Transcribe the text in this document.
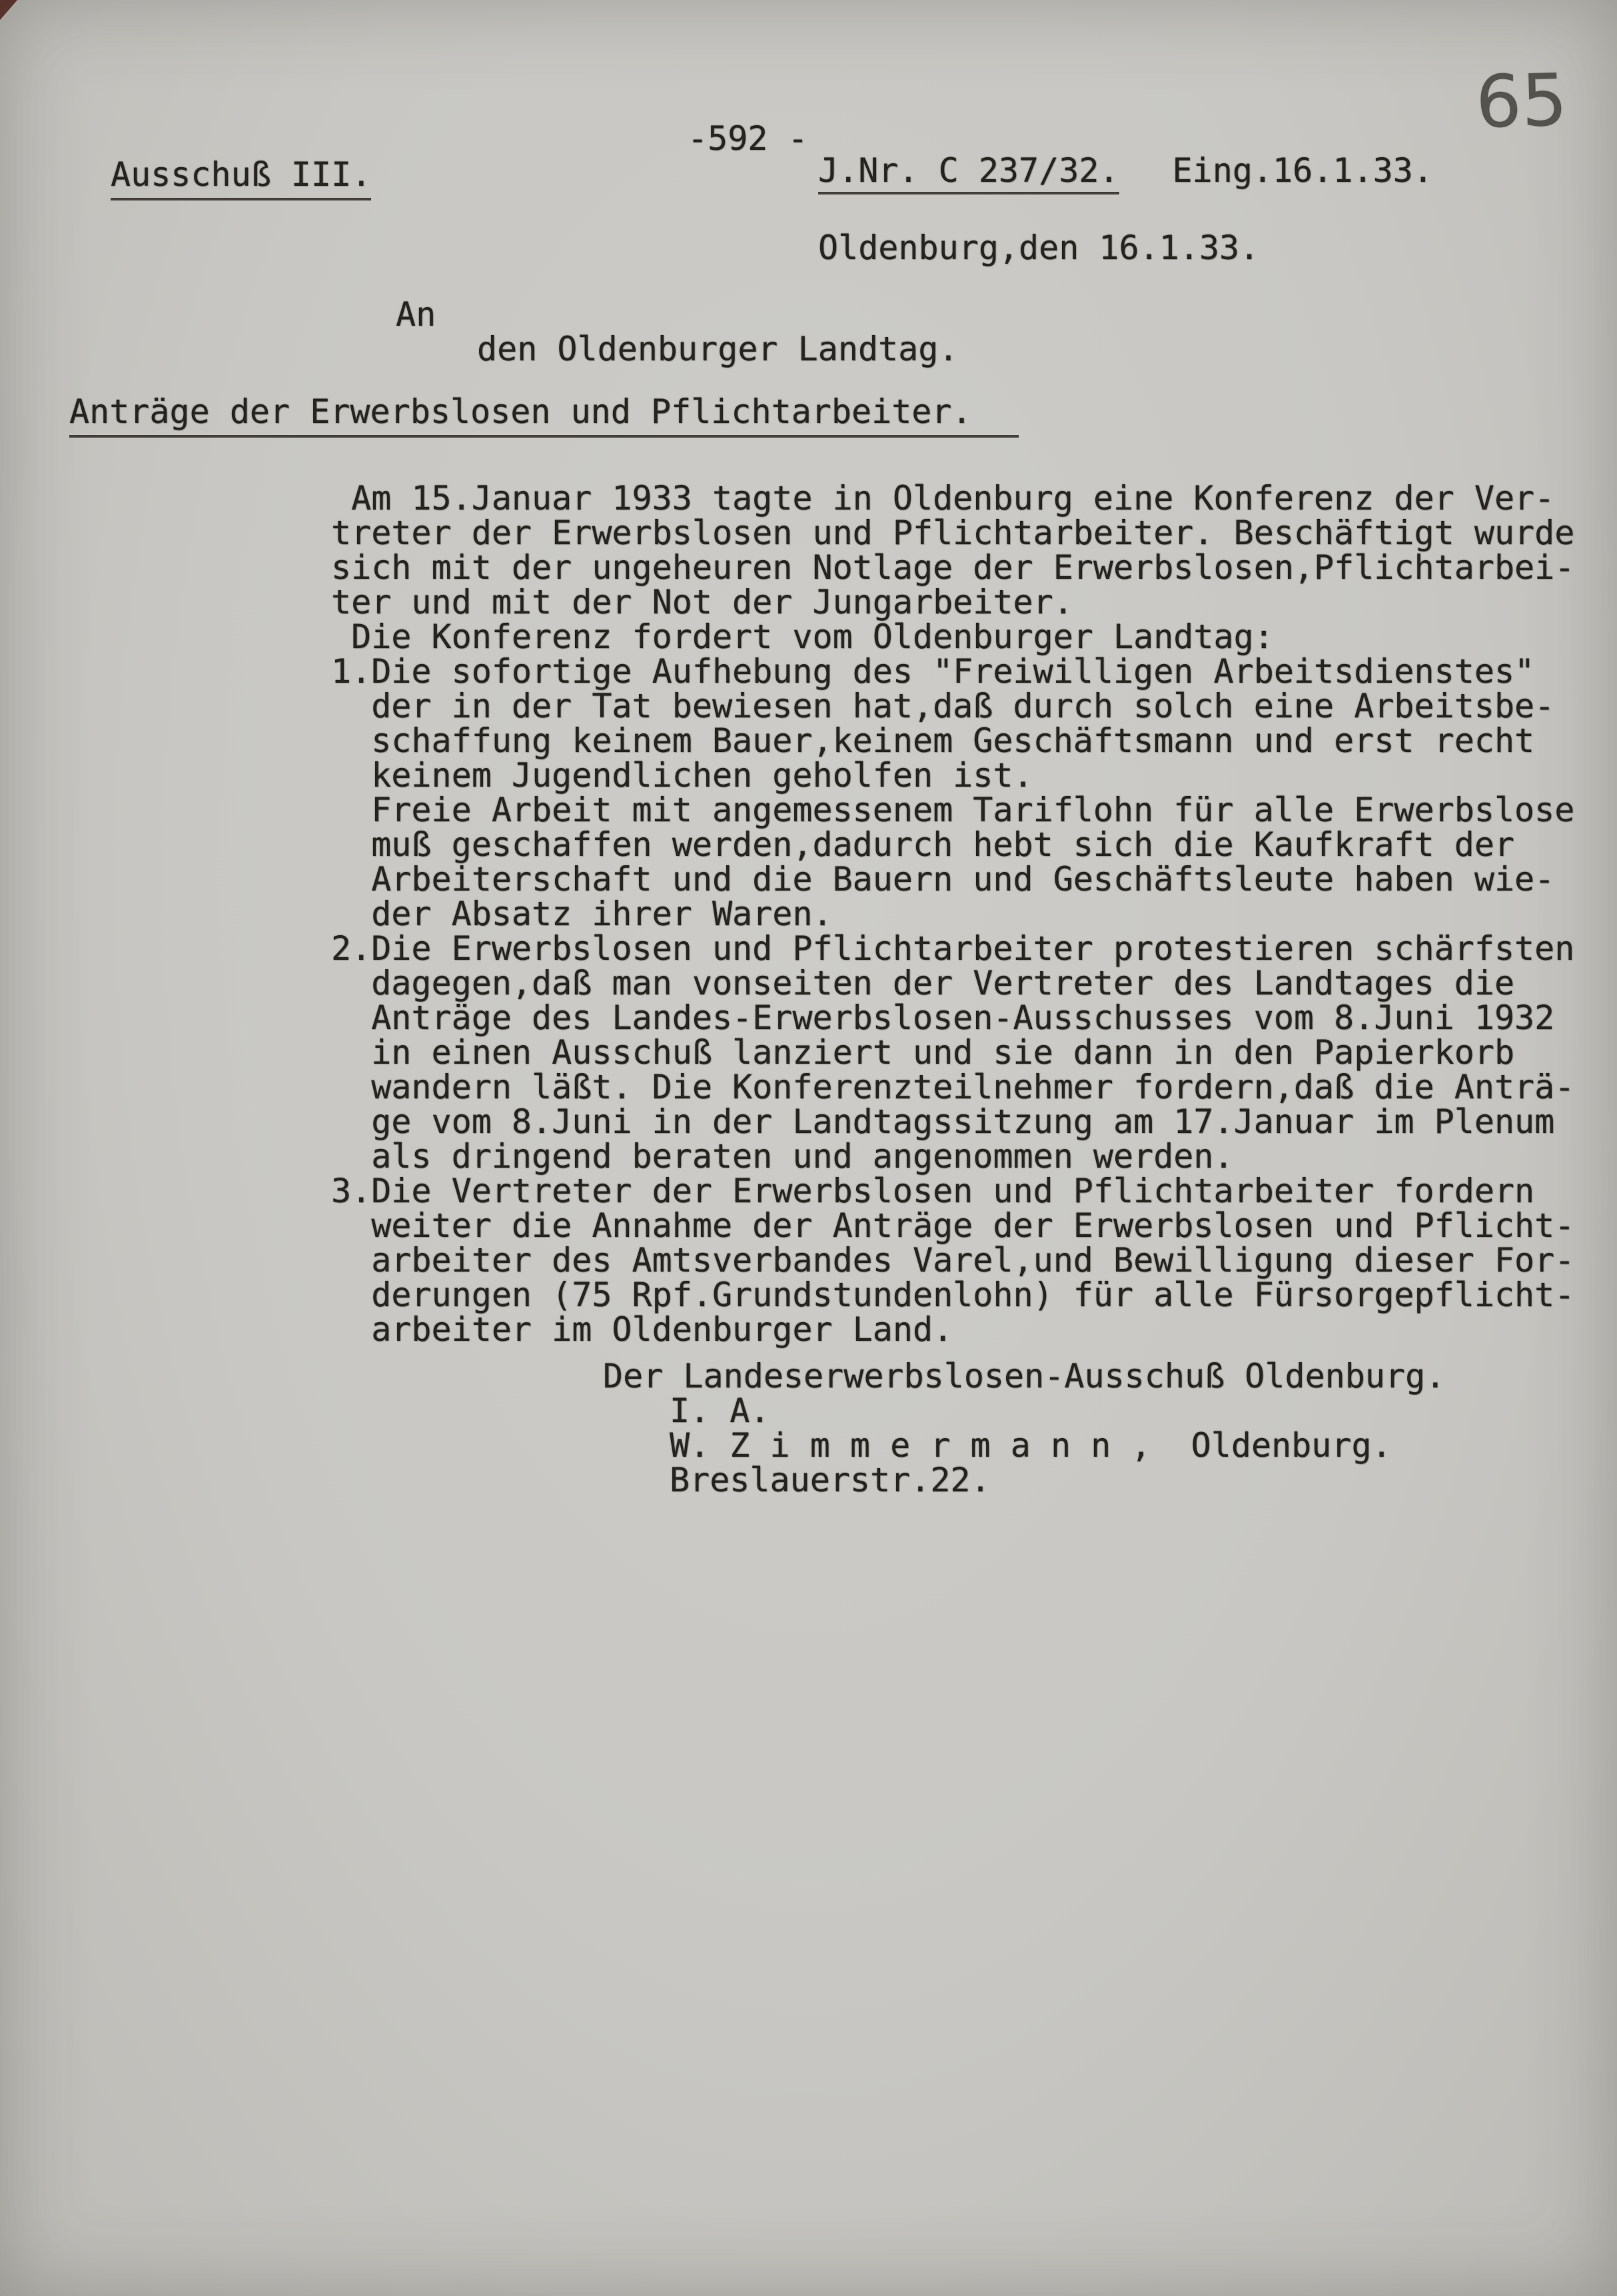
65
-592 -
Ausschuß III.	J.Nr. C 237/32. Eing.16.1.33.
Oldenburg,den 16.1.33.
An
den Oldenburger Landtag.
Anträge der Erwerbslosen und Pflichtarbeiter.
Am 15.Januar 1933 tagte in Oldenburg eine Konferenz der Ver-
treter der Erwerbslosen und Pflichtarbeiter. Beschäftigt wurde
sich mit der ungeheuren Notlage der Erwerbslosen,Pflichtarbei-
ter und mit der Not der Jungarbeiter.
Die Konferenz fordert vom Oldenburger Landtag:
1.Die sofortige Aufhebung des "Freiwilligen Arbeitsdienstes"
der in der Tat bewiesen hat,daß durch solch eine Arbeitsbe-
schaffung keinem Bauer,keinem Geschäftsmann und erst recht
keinem Jugendlichen geholfen ist.
Freie Arbeit mit angemessenem Tariflohn für alle Erwerbslose
muß geschaffen werden,dadurch hebt sich die Kaufkraft der
Arbeiterschaft und die Bauern und Geschäftsleute haben wie-
der Absatz ihrer Waren.
2.Die Erwerbslosen und Pflichtarbeiter protestieren schärfsten
dagegen,daß man vonseiten der Vertreter des Landtages die
Anträge des Landes-Erwerbslosen-Ausschusses vom 8.Juni 1932
in einen Ausschuß lanziert und sie dann in den Papierkorb
wandern läßt. Die Konferenzteilnehmer fordern,daß die Anträ-
ge vom 8.Juni in der Landtagssitzung am 17.Januar im Plenum
als dringend beraten und angenommen werden.
3.Die Vertreter der Erwerbslosen und Pflichtarbeiter fordern
weiter die Annahme der Anträge der Erwerbslosen und Pflicht-
arbeiter des Amtsverbandes Varel,und Bewilligung dieser For-
derungen (75 Rpf.Grundstundenlohn) für alle Fürsorgepflicht-
arbeiter im Oldenburger Land.
Der Landeserwerbslosen-Ausschuß Oldenburg.
I. A.
W. Z i m m e r m a n n ,  Oldenburg.
Breslauerstr.22.
